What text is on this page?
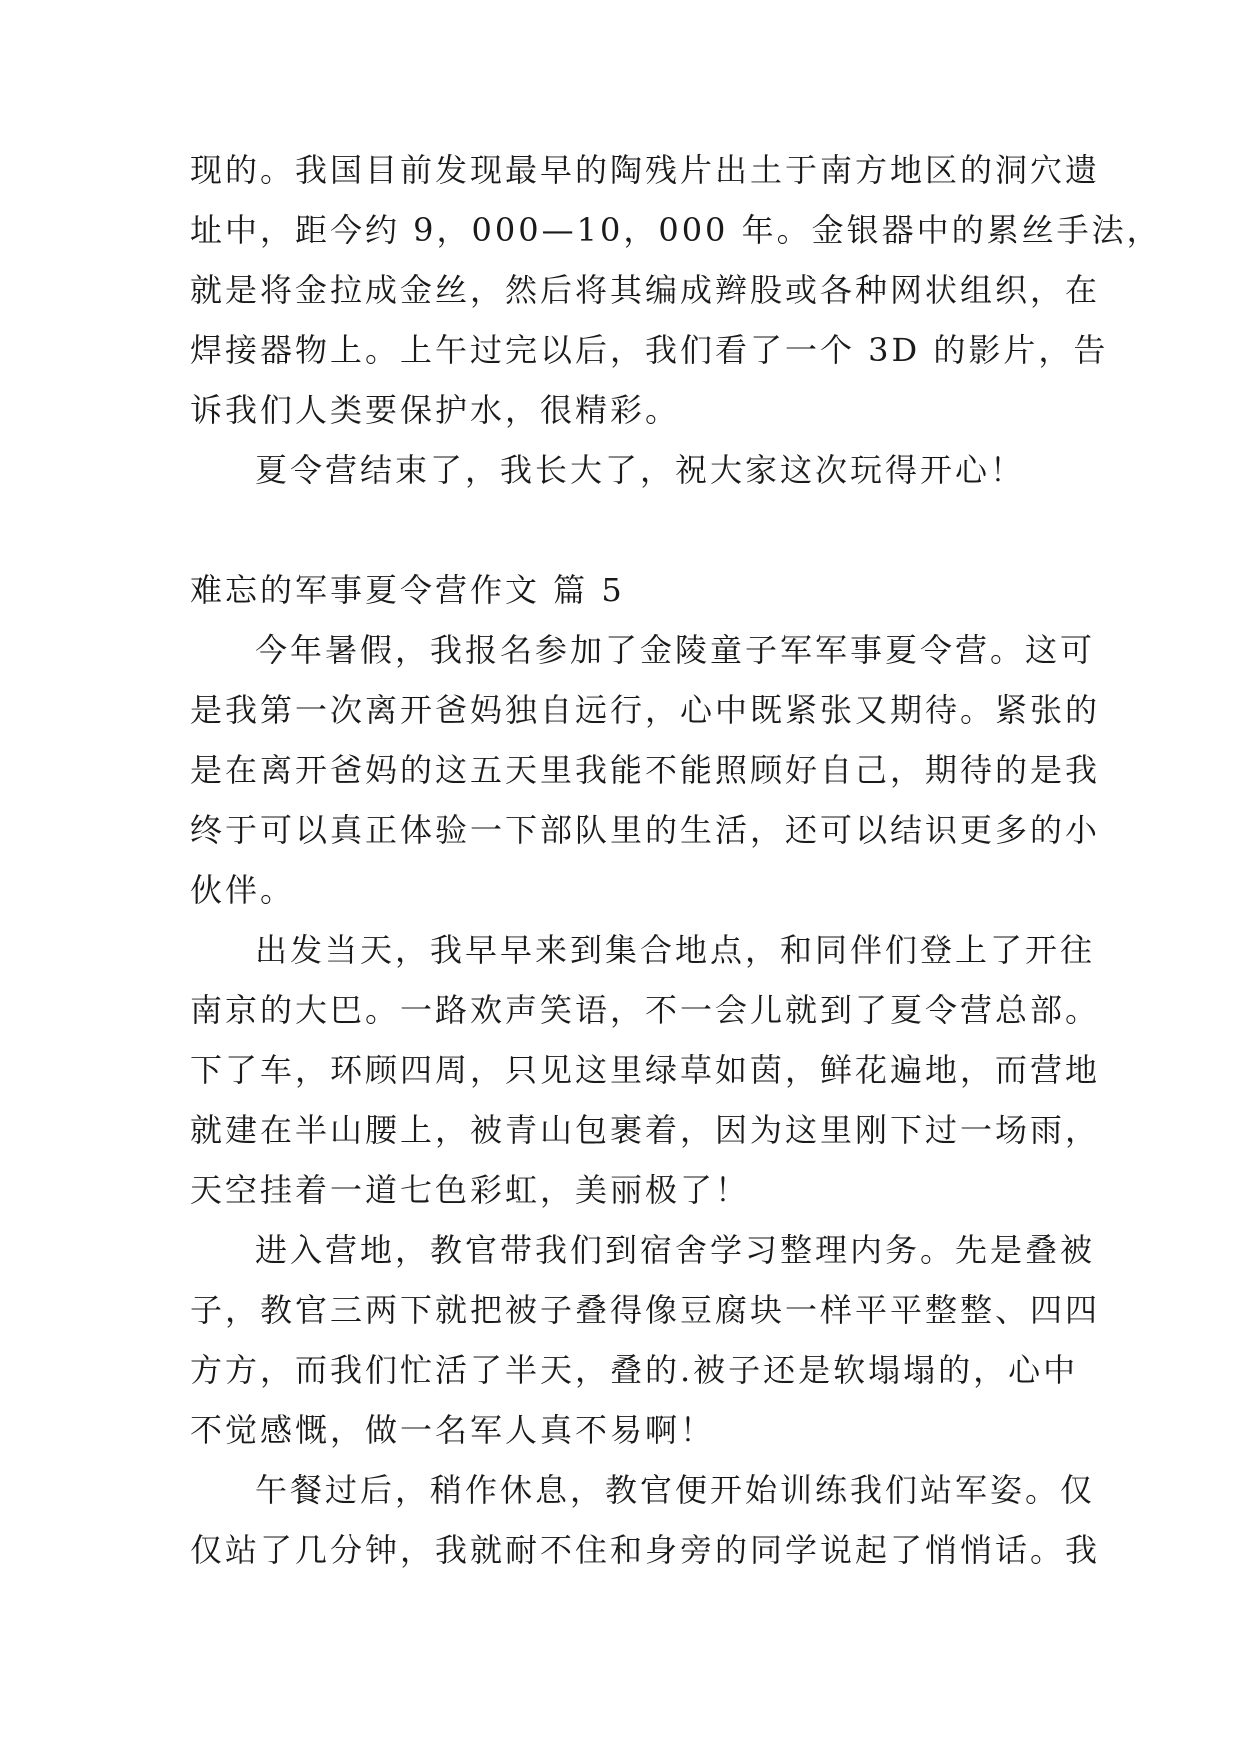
现的。我国目前发现最早的陶残片出土于南方地区的洞穴遗
址中，距今约 9，000—10，000 年。金银器中的累丝手法，
就是将金拉成金丝，然后将其编成辫股或各种网状组织，在
焊接器物上。上午过完以后，我们看了一个 3D 的影片，告
诉我们人类要保护水，很精彩。
夏令营结束了，我长大了，祝大家这次玩得开心！
难忘的军事夏令营作文 篇 5
今年暑假，我报名参加了金陵童子军军事夏令营。这可
是我第一次离开爸妈独自远行，心中既紧张又期待。紧张的
是在离开爸妈的这五天里我能不能照顾好自己，期待的是我
终于可以真正体验一下部队里的生活，还可以结识更多的小
伙伴。
出发当天，我早早来到集合地点，和同伴们登上了开往
南京的大巴。一路欢声笑语，不一会儿就到了夏令营总部。
下了车，环顾四周，只见这里绿草如茵，鲜花遍地，而营地
就建在半山腰上，被青山包裹着，因为这里刚下过一场雨，
天空挂着一道七色彩虹，美丽极了！
进入营地，教官带我们到宿舍学习整理内务。先是叠被
子，教官三两下就把被子叠得像豆腐块一样平平整整、四四
方方，而我们忙活了半天，叠的.被子还是软塌塌的，心中
不觉感慨，做一名军人真不易啊！
午餐过后，稍作休息，教官便开始训练我们站军姿。仅
仅站了几分钟，我就耐不住和身旁的同学说起了悄悄话。我
